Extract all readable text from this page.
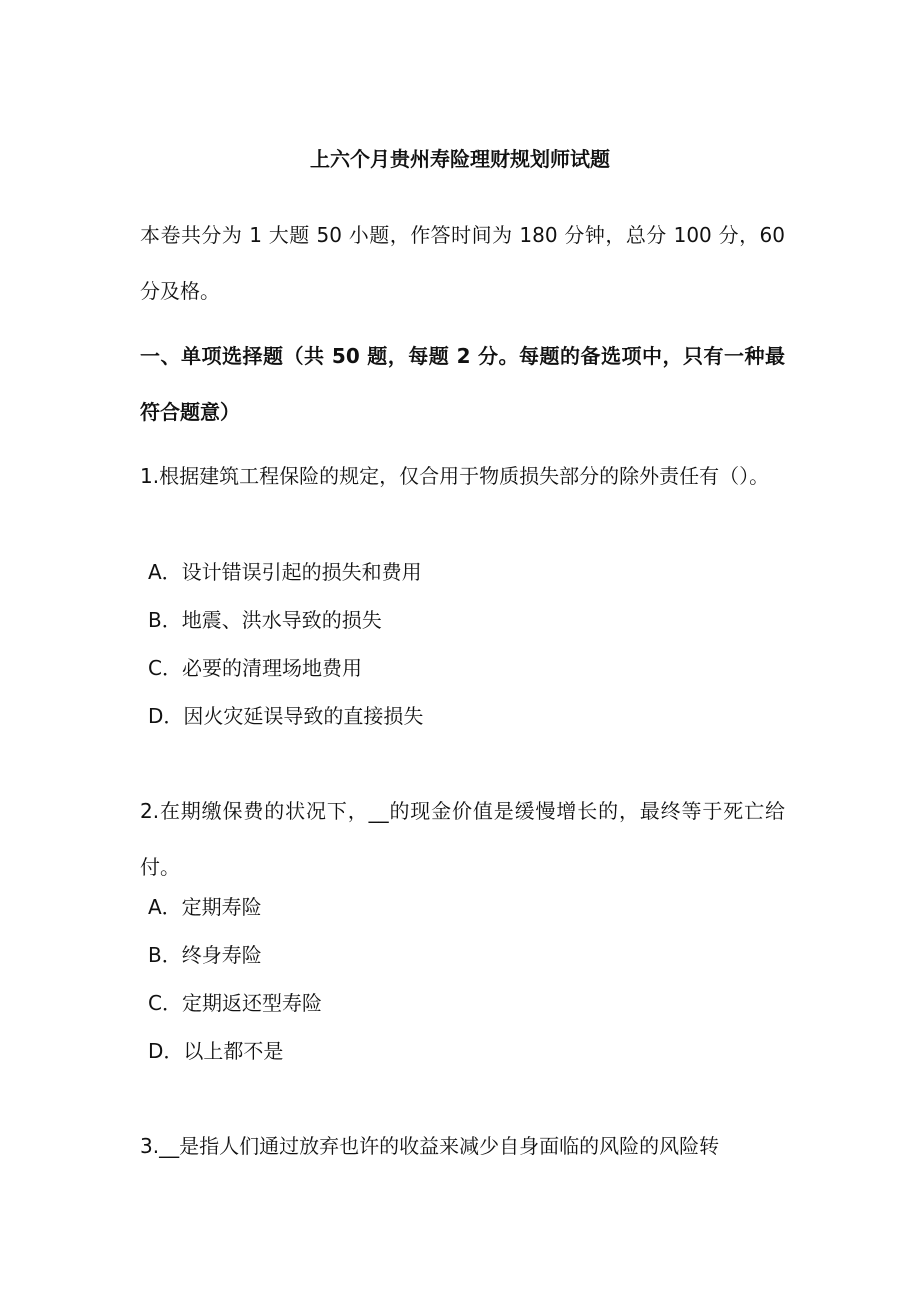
上六个月贵州寿险理财规划师试题

本卷共分为 1 大题 50 小题，作答时间为 180 分钟，总分 100 分，60 分及格。

一、单项选择题（共 50 题，每题 2 分。每题的备选项中，只有一种最符合题意）

1.根据建筑工程保险的规定，仅合用于物质损失部分的除外责任有（）。

A．设计错误引起的损失和费用
B．地震、洪水导致的损失
C．必要的清理场地费用
D．因火灾延误导致的直接损失

2.在期缴保费的状况下，__的现金价值是缓慢增长的，最终等于死亡给付。

A．定期寿险
B．终身寿险
C．定期返还型寿险
D．以上都不是

3.__是指人们通过放弃也许的收益来减少自身面临的风险的风险转
